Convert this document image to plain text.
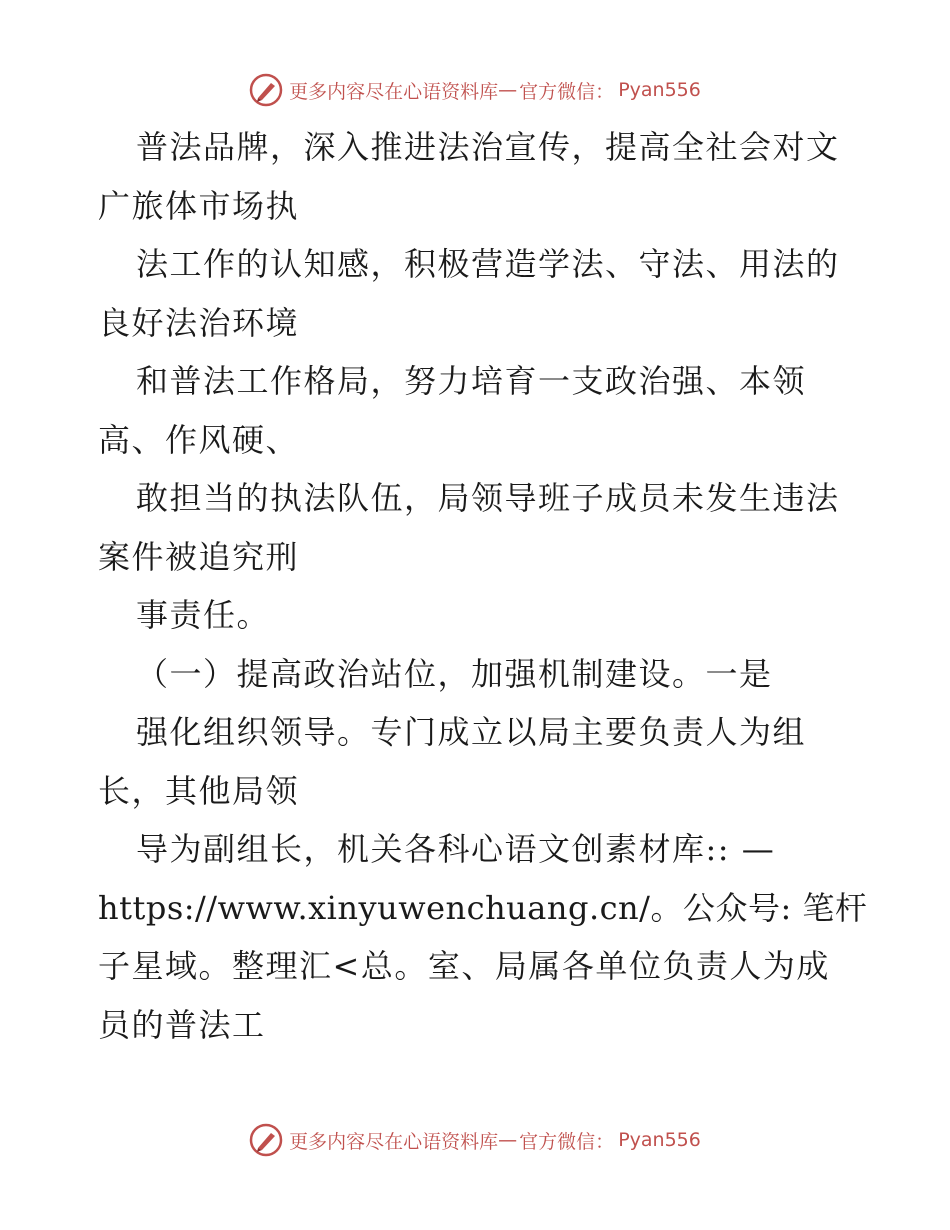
更多内容尽在心语资料库 — 官方微信： Pyan556
普法品牌，深入推进法治宣传，提高全社会对文
广旅体市场执
法工作的认知感，积极营造学法、守法、用法的
良好法治环境
和普法工作格局，努力培育一支政治强、本领
高、作风硬、
敢担当的执法队伍，局领导班子成员未发生违法
案件被追究刑
事责任。
（一）提高政治站位，加强机制建设。一是
强化组织领导。专门成立以局主要负责人为组
长，其他局领
导为副组长，机关各科心语文创素材库:: —
https://www.xinyuwenchuang.cn/。公众号: 笔杆
子星域。整理汇<总。室、局属各单位负责人为成
员的普法工
更多内容尽在心语资料库 — 官方微信： Pyan556
